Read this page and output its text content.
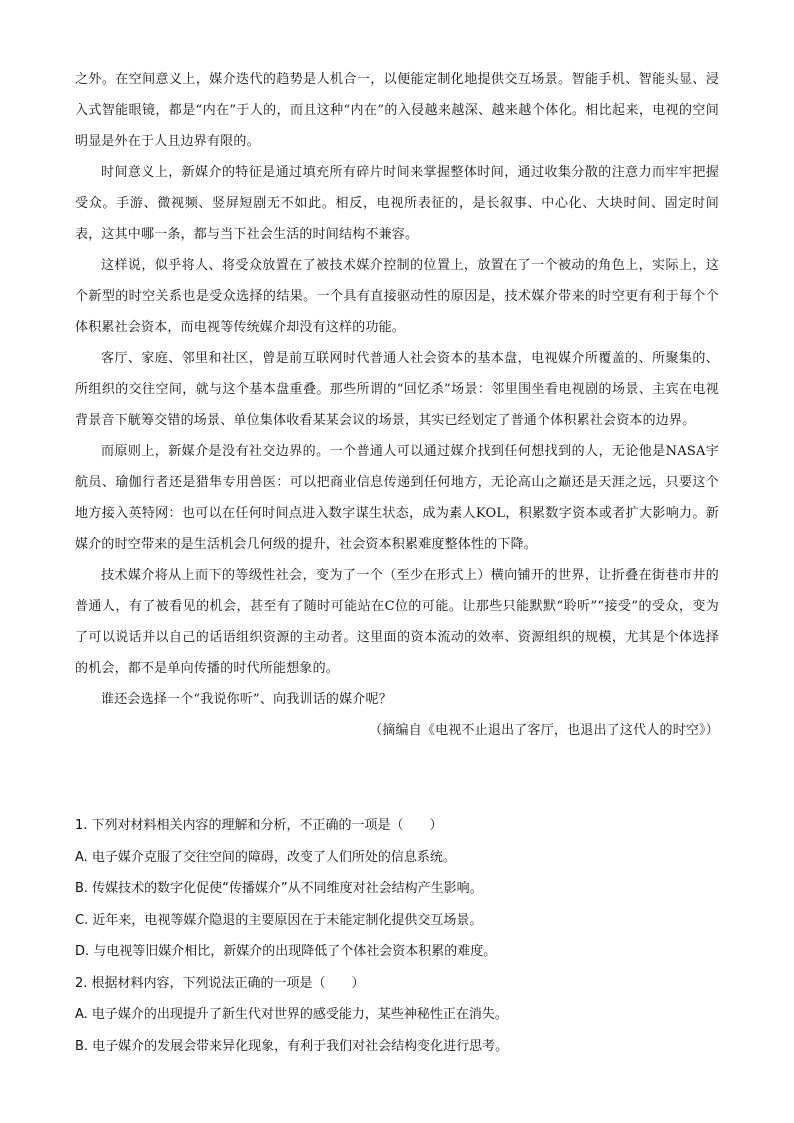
之外。在空间意义上，媒介迭代的趋势是人机合一，以便能定制化地提供交互场景。智能手机、智能头显、浸入式智能眼镜，都是“内在”于人的，而且这种“内在”的入侵越来越深、越来越个体化。相比起来，电视的空间明显是外在于人且边界有限的。

时间意义上，新媒介的特征是通过填充所有碎片时间来掌握整体时间，通过收集分散的注意力而牢牢把握受众。手游、微视频、竖屏短剧无不如此。相反，电视所表征的，是长叙事、中心化、大块时间、固定时间表，这其中哪一条，都与当下社会生活的时间结构不兼容。

这样说，似乎将人、将受众放置在了被技术媒介控制的位置上，放置在了一个被动的角色上，实际上，这个新型的时空关系也是受众选择的结果。一个具有直接驱动性的原因是，技术媒介带来的时空更有利于每个个体积累社会资本，而电视等传统媒介却没有这样的功能。

客厅、家庭、邻里和社区，曾是前互联网时代普通人社会资本的基本盘，电视媒介所覆盖的、所聚集的、所组织的交往空间，就与这个基本盘重叠。那些所谓的“回忆杀”场景：邻里围坐看电视剧的场景、主宾在电视背景音下觥筹交错的场景、单位集体收看某某会议的场景，其实已经划定了普通个体积累社会资本的边界。

而原则上，新媒介是没有社交边界的。一个普通人可以通过媒介找到任何想找到的人，无论他是NASA宇航员、瑜伽行者还是猎隼专用兽医：可以把商业信息传递到任何地方，无论高山之巅还是天涯之远，只要这个地方接入英特网：也可以在任何时间点进入数字谋生状态，成为素人KOL，积累数字资本或者扩大影响力。新媒介的时空带来的是生活机会几何级的提升，社会资本积累难度整体性的下降。

技术媒介将从上而下的等级性社会，变为了一个（至少在形式上）横向铺开的世界，让折叠在街巷市井的普通人，有了被看见的机会，甚至有了随时可能站在C位的可能。让那些只能默默“聆听”“接受”的受众，变为了可以说话并以自己的话语组织资源的主动者。这里面的资本流动的效率、资源组织的规模，尤其是个体选择的机会，都不是单向传播的时代所能想象的。

谁还会选择一个“我说你听”、向我训话的媒介呢？

（摘编自《电视不止退出了客厅，也退出了这代人的时空》）

1. 下列对材料相关内容的理解和分析，不正确的一项是（　　）
A. 电子媒介克服了交往空间的障碍，改变了人们所处的信息系统。
B. 传媒技术的数字化促使“传播媒介”从不同维度对社会结构产生影响。
C. 近年来，电视等媒介隐退的主要原因在于未能定制化提供交互场景。
D. 与电视等旧媒介相比，新媒介的出现降低了个体社会资本积累的难度。
2. 根据材料内容，下列说法正确的一项是（　　）
A. 电子媒介的出现提升了新生代对世界的感受能力，某些神秘性正在消失。
B. 电子媒介的发展会带来异化现象，有利于我们对社会结构变化进行思考。
